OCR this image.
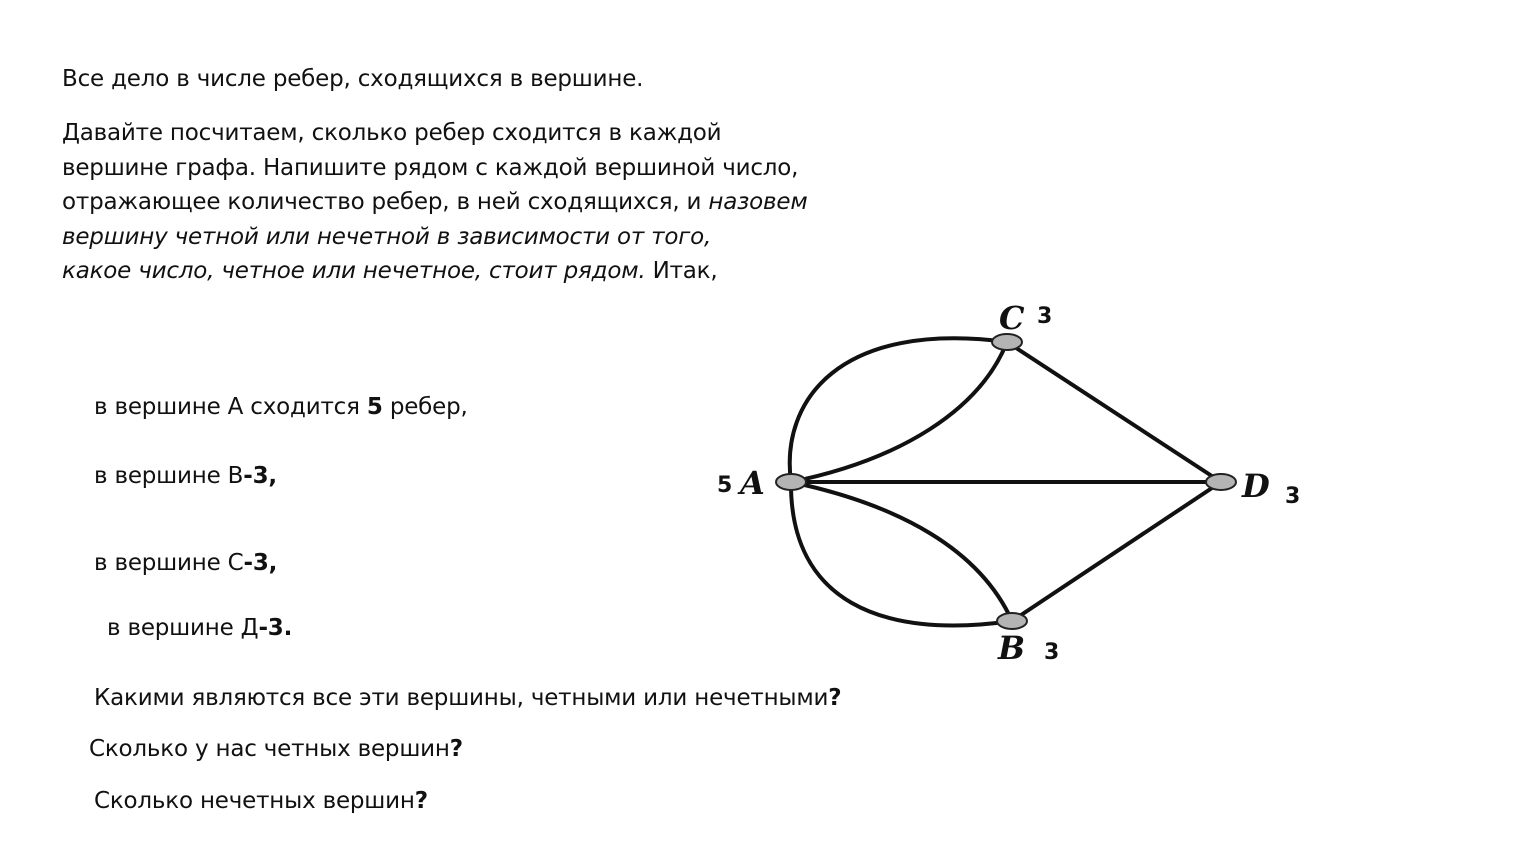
Все дело в числе ребер, сходящихся в вершине.
Давайте посчитаем, сколько ребер сходится в каждой
вершине графа. Напишите рядом с каждой вершиной число,
отражающее количество ребер, в ней сходящихся, и назовем
вершину четной или нечетной в зависимости от того,
какое число, четное или нечетное, стоит рядом. Итак,
в вершине А сходится 5 ребер,
в вершине В-3,
в вершине С-3,
в вершине Д-3.
Какими являются все эти вершины, четными или нечетными?
Сколько у нас четных вершин?
Сколько нечетных вершин?
A
5
C 3
D 3
B 3
